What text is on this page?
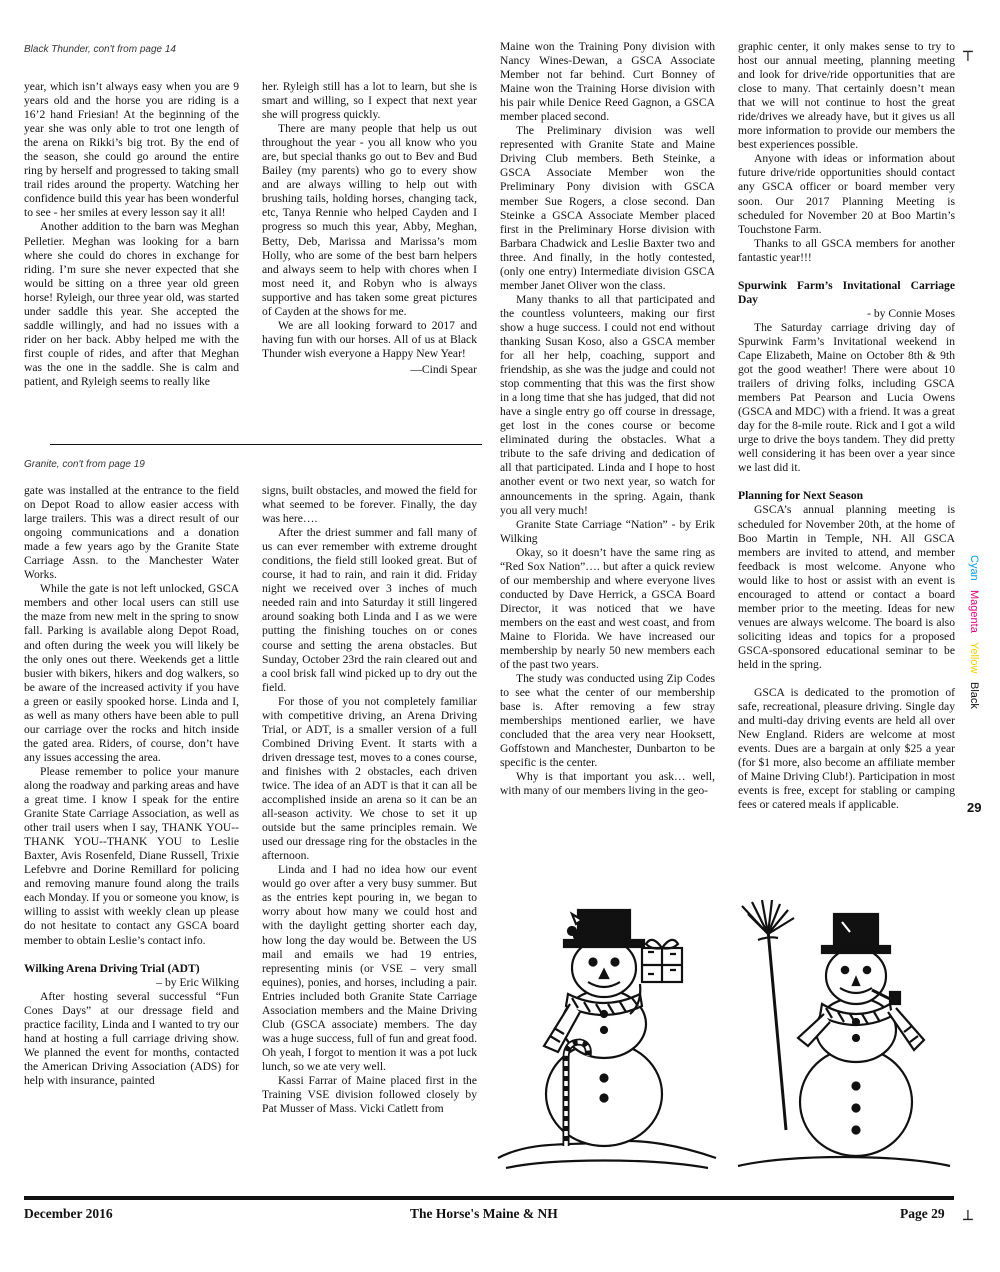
Black Thunder, con't from page 14
Granite, con't from page 19

year, which isn’t always easy when you are 9 years old and the horse you are riding is a 16’2 hand Friesian! At the beginning of the year she was only able to trot one length of the arena on Rikki’s big trot. By the end of the season, she could go around the entire ring by herself and progressed to taking small trail rides around the property. Watching her confidence build this year has been wonderful to see - her smiles at every lesson say it all!

Another addition to the barn was Meghan Pelletier. Meghan was looking for a barn where she could do chores in exchange for riding. I’m sure she never expected that she would be sitting on a three year old green horse! Ryleigh, our three year old, was started under saddle this year. She accepted the saddle willingly, and had no issues with a rider on her back. Abby helped me with the first couple of rides, and after that Meghan was the one in the saddle. She is calm and patient, and Ryleigh seems to really like

her. Ryleigh still has a lot to learn, but she is smart and willing, so I expect that next year she will progress quickly.

There are many people that help us out throughout the year - you all know who you are, but special thanks go out to Bev and Bud Bailey (my parents) who go to every show and are always willing to help out with brushing tails, holding horses, changing tack, etc, Tanya Rennie who helped Cayden and I progress so much this year, Abby, Meghan, Betty, Deb, Marissa and Marissa’s mom Holly, who are some of the best barn helpers and always seem to help with chores when I most need it, and Robyn who is always supportive and has taken some great pictures of Cayden at the shows for me.

We are all looking forward to 2017 and having fun with our horses. All of us at Black Thunder wish everyone a Happy New Year!

—Cindi Spear

gate was installed at the entrance to the field on Depot Road to allow easier access with large trailers. This was a direct result of our ongoing communications and a donation made a few years ago by the Granite State Carriage Assn. to the Manchester Water Works.

While the gate is not left unlocked, GSCA members and other local users can still use the maze from new melt in the spring to snow fall. Parking is available along Depot Road, and often during the week you will likely be the only ones out there. Weekends get a little busier with bikers, hikers and dog walkers, so be aware of the increased activity if you have a green or easily spooked horse. Linda and I, as well as many others have been able to pull our carriage over the rocks and hitch inside the gated area. Riders, of course, don’t have any issues accessing the area.

Please remember to police your manure along the roadway and parking areas and have a great time. I know I speak for the entire Granite State Carriage Association, as well as other trail users when I say, THANK YOU--THANK YOU--THANK YOU to Leslie Baxter, Avis Rosenfeld, Diane Russell, Trixie Lefebvre and Dorine Remillard for policing and removing manure found along the trails each Monday. If you or someone you know, is willing to assist with weekly clean up please do not hesitate to contact any GSCA board member to obtain Leslie’s contact info.

Wilking Arena Driving Trial (ADT)

– by Eric Wilking

After hosting several successful “Fun Cones Days” at our dressage field and practice facility, Linda and I wanted to try our hand at hosting a full carriage driving show. We planned the event for months, contacted the American Driving Association (ADS) for help with insurance, painted

signs, built obstacles, and mowed the field for what seemed to be forever. Finally, the day was here….

After the driest summer and fall many of us can ever remember with extreme drought conditions, the field still looked great. But of course, it had to rain, and rain it did. Friday night we received over 3 inches of much needed rain and into Saturday it still lingered around soaking both Linda and I as we were putting the finishing touches on or cones course and setting the arena obstacles. But Sunday, October 23rd the rain cleared out and a cool brisk fall wind picked up to dry out the field.

For those of you not completely familiar with competitive driving, an Arena Driving Trial, or ADT, is a smaller version of a full Combined Driving Event. It starts with a driven dressage test, moves to a cones course, and finishes with 2 obstacles, each driven twice. The idea of an ADT is that it can all be accomplished inside an arena so it can be an all-season activity. We chose to set it up outside but the same principles remain. We used our dressage ring for the obstacles in the afternoon.

Linda and I had no idea how our event would go over after a very busy summer. But as the entries kept pouring in, we began to worry about how many we could host and with the daylight getting shorter each day, how long the day would be. Between the US mail and emails we had 19 entries, representing minis (or VSE – very small equines), ponies, and horses, including a pair. Entries included both Granite State Carriage Association members and the Maine Driving Club (GSCA associate) members. The day was a huge success, full of fun and great food. Oh yeah, I forgot to mention it was a pot luck lunch, so we ate very well.

Kassi Farrar of Maine placed first in the Training VSE division followed closely by Pat Musser of Mass. Vicki Catlett from

Maine won the Training Pony division with Nancy Wines-Dewan, a GSCA Associate Member not far behind. Curt Bonney of Maine won the Training Horse division with his pair while Denice Reed Gagnon, a GSCA member placed second.

The Preliminary division was well represented with Granite State and Maine Driving Club members. Beth Steinke, a GSCA Associate Member won the Preliminary Pony division with GSCA member Sue Rogers, a close second. Dan Steinke a GSCA Associate Member placed first in the Preliminary Horse division with Barbara Chadwick and Leslie Baxter two and three. And finally, in the hotly contested, (only one entry) Intermediate division GSCA member Janet Oliver won the class.

Many thanks to all that participated and the countless volunteers, making our first show a huge success. I could not end without thanking Susan Koso, also a GSCA member for all her help, coaching, support and friendship, as she was the judge and could not stop commenting that this was the first show in a long time that she has judged, that did not have a single entry go off course in dressage, get lost in the cones course or become eliminated during the obstacles. What a tribute to the safe driving and dedication of all that participated. Linda and I hope to host another event or two next year, so watch for announcements in the spring. Again, thank you all very much!

Granite State Carriage “Nation” - by Erik Wilking

Okay, so it doesn’t have the same ring as “Red Sox Nation”…. but after a quick review of our membership and where everyone lives conducted by Dave Herrick, a GSCA Board Director, it was noticed that we have members on the east and west coast, and from Maine to Florida. We have increased our membership by nearly 50 new members each of the past two years.

The study was conducted using Zip Codes to see what the center of our membership base is. After removing a few stray memberships mentioned earlier, we have concluded that the area very near Hooksett, Goffstown and Manchester, Dunbarton to be specific is the center.

Why is that important you ask… well, with many of our members living in the geo-

graphic center, it only makes sense to try to host our annual meeting, planning meeting and look for drive/ride opportunities that are close to many. That certainly doesn’t mean that we will not continue to host the great ride/drives we already have, but it gives us all more information to provide our members the best experiences possible.

Anyone with ideas or information about future drive/ride opportunities should contact any GSCA officer or board member very soon. Our 2017 Planning Meeting is scheduled for November 20 at Boo Martin’s Touchstone Farm.

Thanks to all GSCA members for another fantastic year!!!

Spurwink Farm’s Invitational Carriage Day

- by Connie Moses

The Saturday carriage driving day of Spurwink Farm’s Invitational weekend in Cape Elizabeth, Maine on October 8th & 9th got the good weather! There were about 10 trailers of driving folks, including GSCA members Pat Pearson and Lucia Owens (GSCA and MDC) with a friend. It was a great day for the 8-mile route. Rick and I got a wild urge to drive the boys tandem. They did pretty well considering it has been over a year since we last did it.

Planning for Next Season

GSCA’s annual planning meeting is scheduled for November 20th, at the home of Boo Martin in Temple, NH. All GSCA members are invited to attend, and member feedback is most welcome. Anyone who would like to host or assist with an event is encouraged to attend or contact a board member prior to the meeting. Ideas for new venues are always welcome. The board is also soliciting ideas and topics for a proposed GSCA-sponsored educational seminar to be held in the spring.

GSCA is dedicated to the promotion of safe, recreational, pleasure driving. Single day and multi-day driving events are held all over New England. Riders are welcome at most events. Dues are a bargain at only $25 a year (for $1 more, also become an affiliate member of Maine Driving Club!). Participation in most events is free, except for stabling or camping fees or catered meals if applicable.

┬
┴
Cyan Magenta Yellow Black
29
December 2016	The Horse's Maine & NH	Page 29
